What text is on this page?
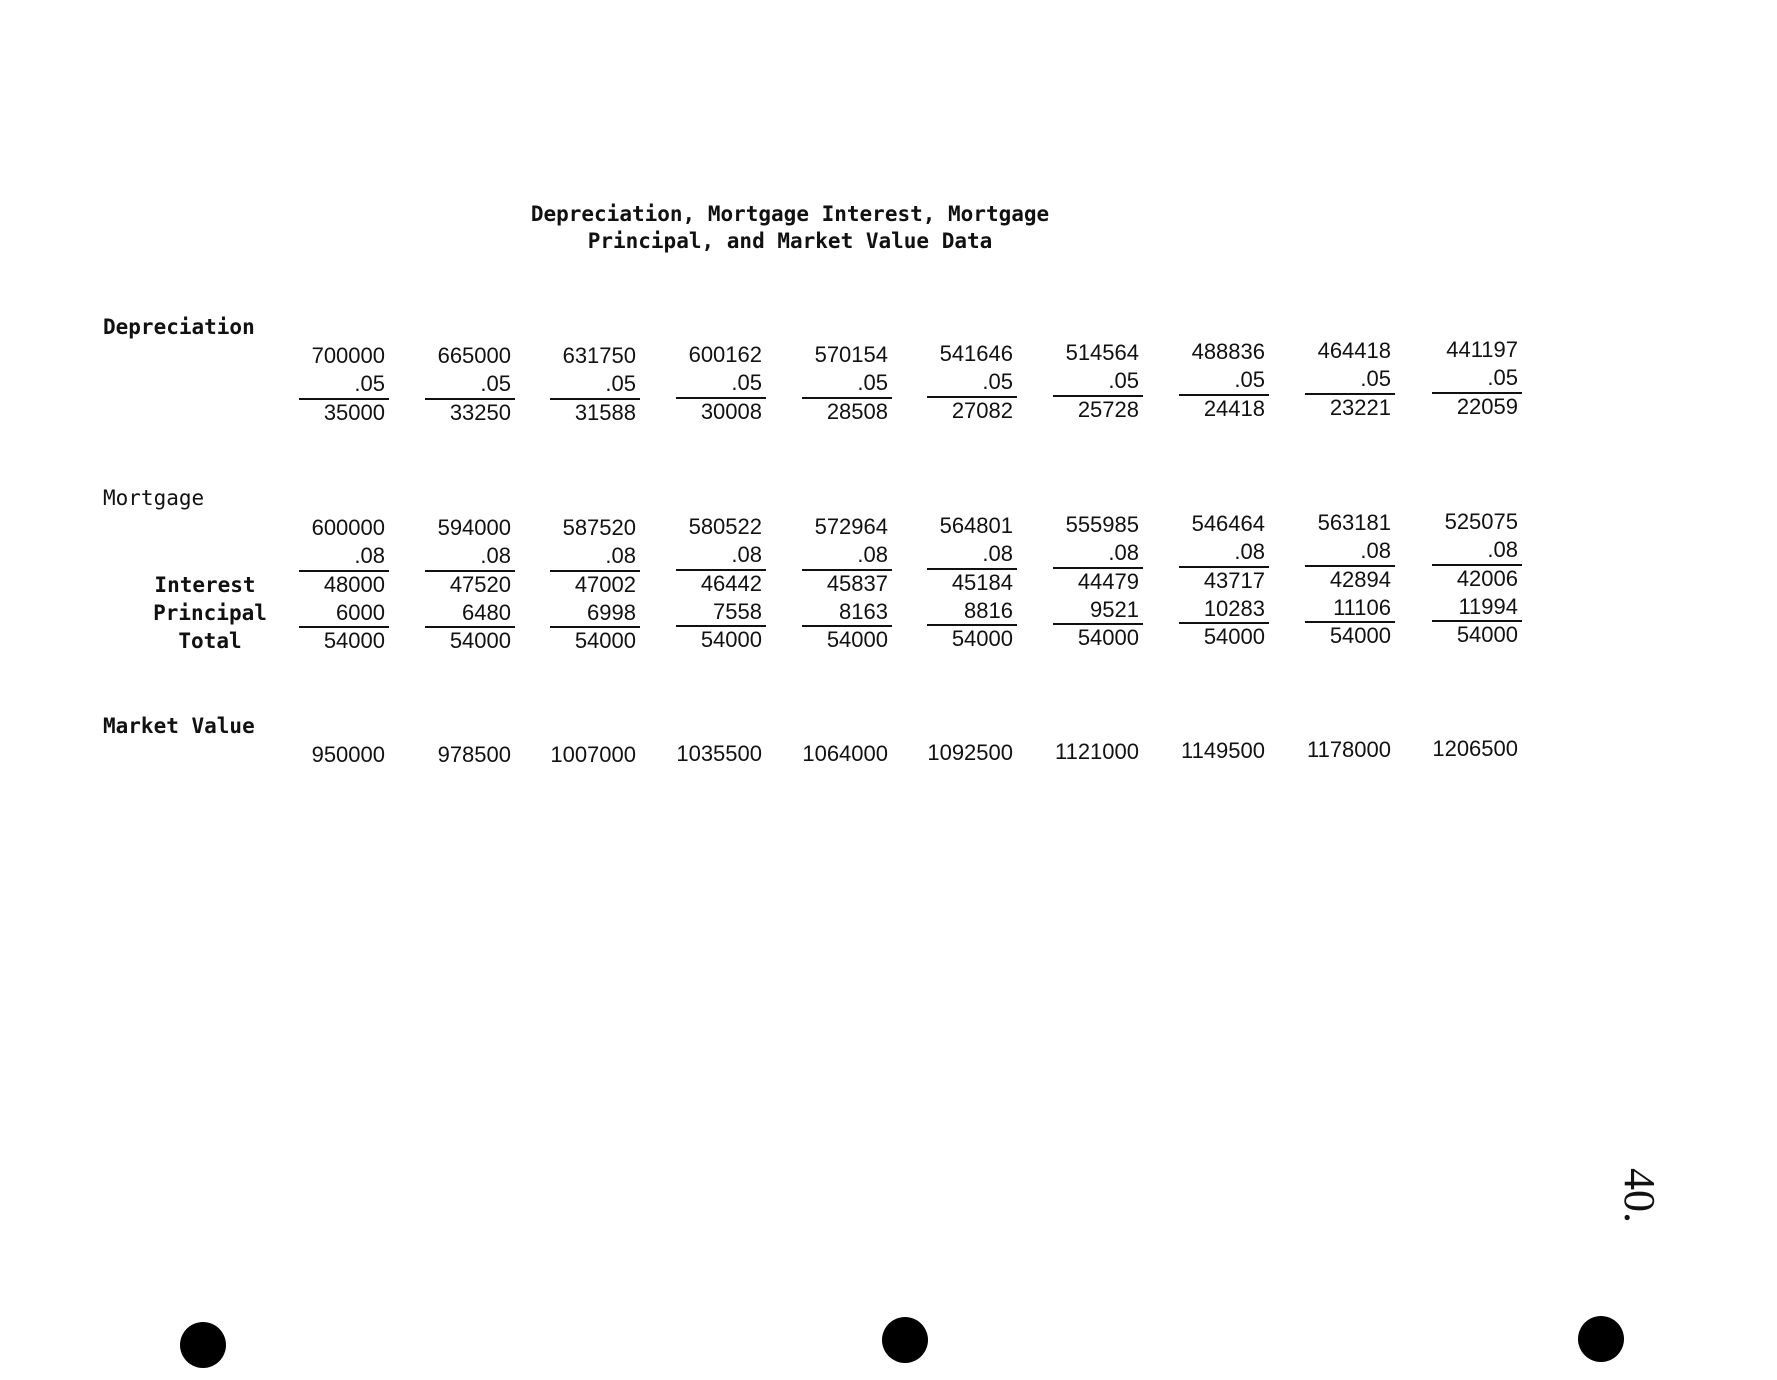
Depreciation, Mortgage Interest, Mortgage
Principal, and Market Value Data
Depreciation
Mortgage
Interest
Principal
Total
Market Value
700000
.05
35000
600000
.08
48000
6000
54000
950000
665000
.05
33250
594000
.08
47520
6480
54000
978500
631750
.05
31588
587520
.08
47002
6998
54000
1007000
600162
.05
30008
580522
.08
46442
7558
54000
1035500
570154
.05
28508
572964
.08
45837
8163
54000
1064000
541646
.05
27082
564801
.08
45184
8816
54000
1092500
514564
.05
25728
555985
.08
44479
9521
54000
1121000
488836
.05
24418
546464
.08
43717
10283
54000
1149500
464418
.05
23221
563181
.08
42894
11106
54000
1178000
441197
.05
22059
525075
.08
42006
11994
54000
1206500
40.
